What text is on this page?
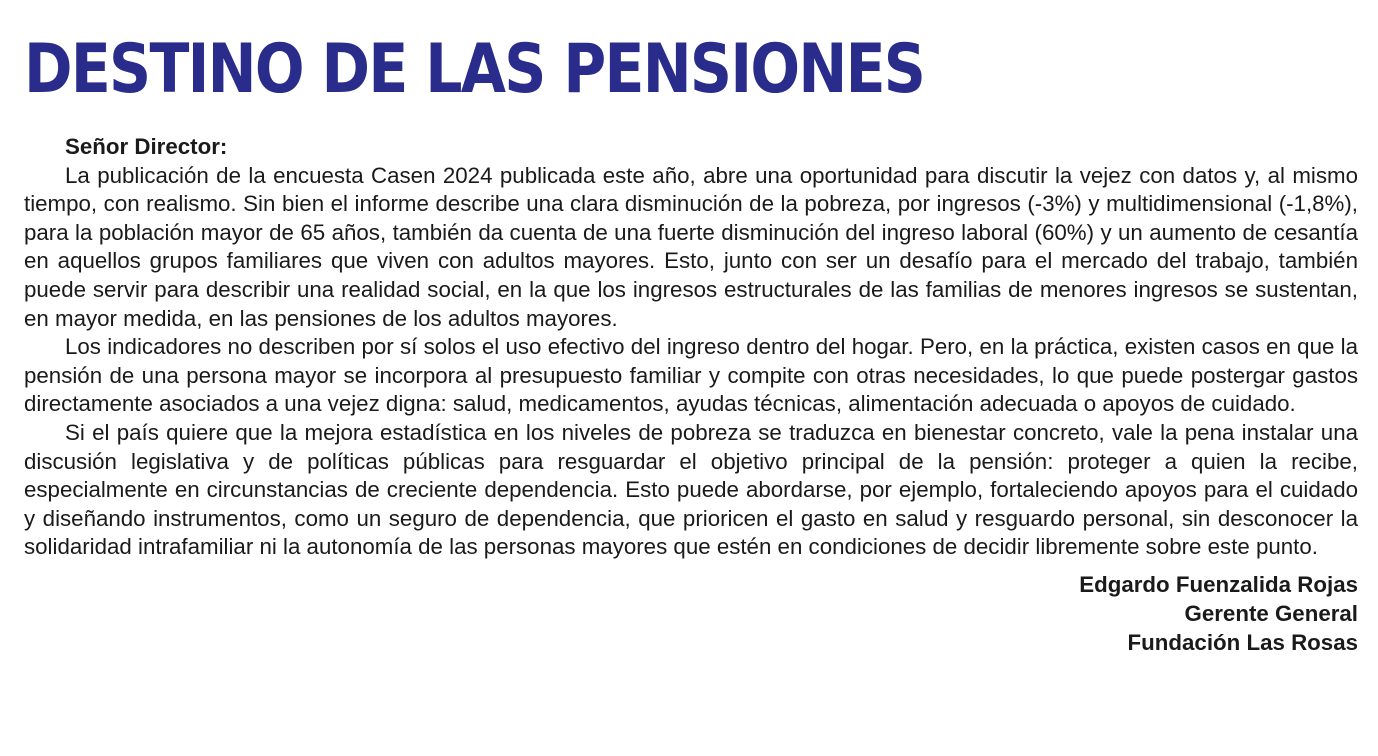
DESTINO DE LAS PENSIONES

Señor Director:

La publicación de la encuesta Casen 2024 publicada este año, abre una oportunidad para discutir la vejez con datos y, al mismo tiempo, con realismo. Sin bien el informe describe una clara disminución de la pobreza, por ingresos (-3%) y multidimensional (-1,8%), para la población mayor de 65 años, también da cuenta de una fuerte disminución del ingreso laboral (60%) y un aumento de cesantía en aquellos grupos familiares que viven con adultos mayores. Esto, junto con ser un desafío para el mercado del trabajo, también puede servir para describir una realidad social, en la que los ingresos estructurales de las familias de menores ingresos se sustentan, en mayor medida, en las pensiones de los adultos mayores.

Los indicadores no describen por sí solos el uso efectivo del ingreso dentro del hogar. Pero, en la práctica, existen casos en que la pensión de una persona mayor se incorpora al presupuesto familiar y compite con otras necesidades, lo que puede postergar gastos directamente asociados a una vejez digna: salud, medicamentos, ayudas técnicas, alimentación adecuada o apoyos de cuidado.

Si el país quiere que la mejora estadística en los niveles de pobreza se traduzca en bienestar concreto, vale la pena instalar una discusión legislativa y de políticas públicas para resguardar el objetivo principal de la pensión: proteger a quien la recibe, especialmente en circunstancias de creciente dependencia. Esto puede abordarse, por ejemplo, fortaleciendo apoyos para el cuidado y diseñando instrumentos, como un seguro de dependencia, que prioricen el gasto en salud y resguardo personal, sin desconocer la solidaridad intrafamiliar ni la autonomía de las personas mayores que estén en condiciones de decidir libremente sobre este punto.

Edgardo Fuenzalida Rojas
Gerente General
Fundación Las Rosas
